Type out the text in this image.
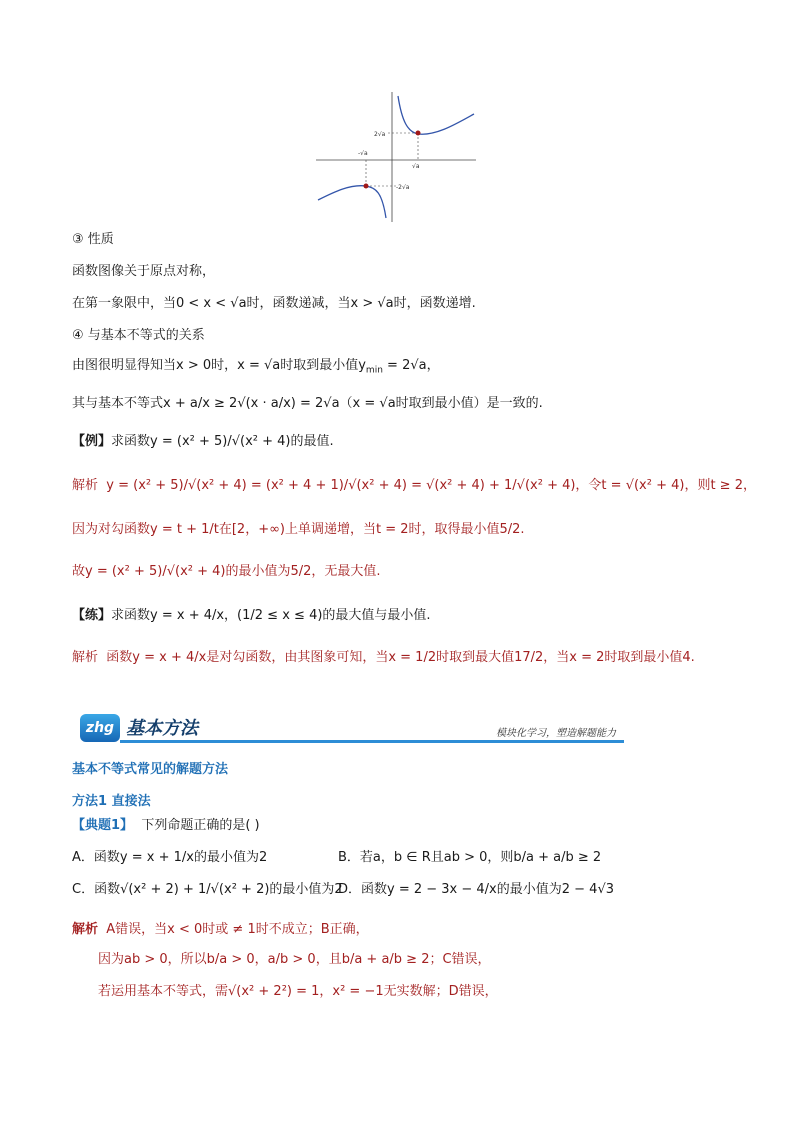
2√a
-√a
√a
-2√a
③ 性质
函数图像关于原点对称，
在第一象限中，当0 < x < √a时，函数递减，当x > √a时，函数递增.
④ 与基本不等式的关系
由图很明显得知当x > 0时，x = √a时取到最小值$y_{min} = 2√a$，
其与基本不等式x + a/x ≥ 2√(x · a/x) = 2√a（x = √a时取到最小值）是一致的.
【例】求函数y = (x² + 5)/√(x² + 4)的最值.
解析 y = (x² + 5)/√(x² + 4) = (x² + 4 + 1)/√(x² + 4) = √(x² + 4) + 1/√(x² + 4)，令t = √(x² + 4)，则t ≥ 2，
因为对勾函数y = t + 1/t在[2，+∞)上单调递增，当t = 2时，取得最小值5/2.
故y = (x² + 5)/√(x² + 4)的最小值为5/2，无最大值.
【练】求函数y = x + 4/x，(1/2 ≤ x ≤ 4)的最大值与最小值.
解析 函数y = x + 4/x是对勾函数，由其图象可知，当x = 1/2时取到最大值17/2，当x = 2时取到最小值4.
zhg 基本方法	模块化学习，塑造解题能力
基本不等式常见的解题方法
方法1 直接法
【典题1】 下列命题正确的是( )
A．函数y = x + 1/x的最小值为2	B．若a，b ∈ R且ab > 0，则b/a + a/b ≥ 2
C．函数√(x² + 2) + 1/√(x² + 2)的最小值为2
D．函数y = 2 − 3x − 4/x的最小值为2 − 4√3
解析 A错误，当x < 0时或 ≠ 1时不成立；B正确，
因为ab > 0，所以b/a > 0，a/b > 0，且b/a + a/b ≥ 2；C错误，
若运用基本不等式，需√(x² + 2²) = 1，x² = −1无实数解；D错误，
